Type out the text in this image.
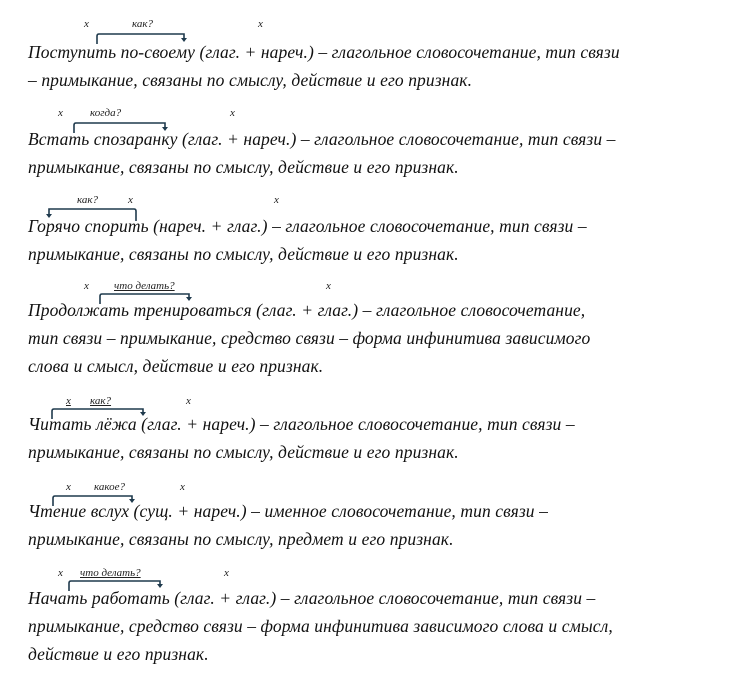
x	как?	x
Поступить по-своему (глаг. + нареч.) – глагольное словосочетание, тип связи
– примыкание, связаны по смыслу, действие и его признак.
x когда?	x
Встать спозаранку (глаг. + нареч.) – глагольное словосочетание, тип связи –
примыкание, связаны по смыслу, действие и его признак.
как?	x	x
Горячо спорить (нареч. + глаг.) – глагольное словосочетание, тип связи –
примыкание, связаны по смыслу, действие и его признак.
x что делать?	x
Продолжать тренироваться (глаг. + глаг.) – глагольное словосочетание,
тип связи – примыкание, средство связи – форма инфинитива зависимого
слова и смысл, действие и его признак.
x как?	x
Читать лёжа (глаг. + нареч.) – глагольное словосочетание, тип связи –
примыкание, связаны по смыслу, действие и его признак.
x какое?	x
Чтение вслух (сущ. + нареч.) – именное словосочетание, тип связи –
примыкание, связаны по смыслу, предмет и его признак.
x что делать?	x
Начать работать (глаг. + глаг.) – глагольное словосочетание, тип связи –
примыкание, средство связи – форма инфинитива зависимого слова и смысл,
действие и его признак.
